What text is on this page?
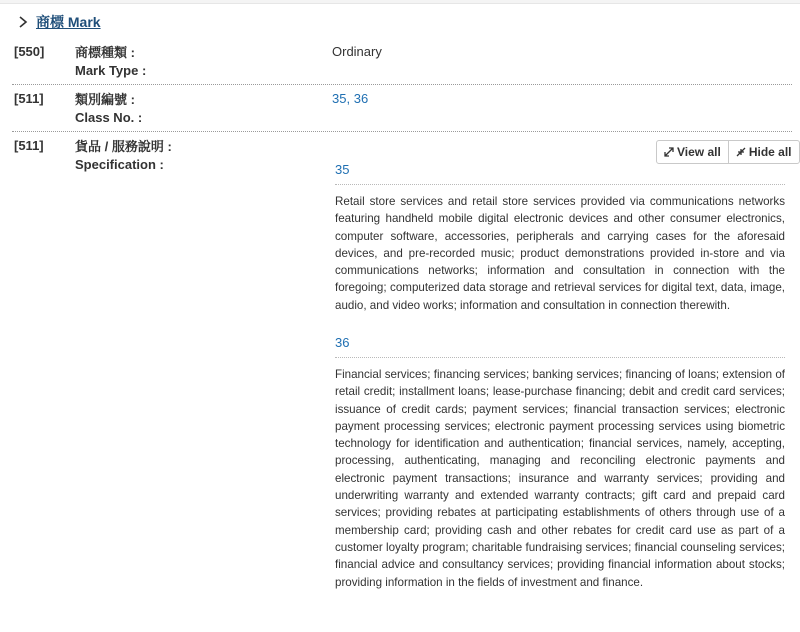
商標 Mark
[550] 商標種類 :
Mark Type :
Ordinary
[511] 類別編號 :
Class No. :
35, 36
[511] 貨品 / 服務說明 :
Specification :
View all Hide all
35
Retail store services and retail store services provided via communications networks featuring handheld mobile digital electronic devices and other consumer electronics, computer software, accessories, peripherals and carrying cases for the aforesaid devices, and pre-recorded music; product demonstrations provided in-store and via communications networks; information and consultation in connection with the foregoing; computerized data storage and retrieval services for digital text, data, image, audio, and video works; information and consultation in connection therewith.
36
Financial services; financing services; banking services; financing of loans; extension of retail credit; installment loans; lease-purchase financing; debit and credit card services; issuance of credit cards; payment services; financial transaction services; electronic payment processing services; electronic payment processing services using biometric technology for identification and authentication; financial services, namely, accepting, processing, authenticating, managing and reconciling electronic payments and electronic payment transactions; insurance and warranty services; providing and underwriting warranty and extended warranty contracts; gift card and prepaid card services; providing rebates at participating establishments of others through use of a membership card; providing cash and other rebates for credit card use as part of a customer loyalty program; charitable fundraising services; financial counseling services; financial advice and consultancy services; providing financial information about stocks; providing information in the fields of investment and finance.
